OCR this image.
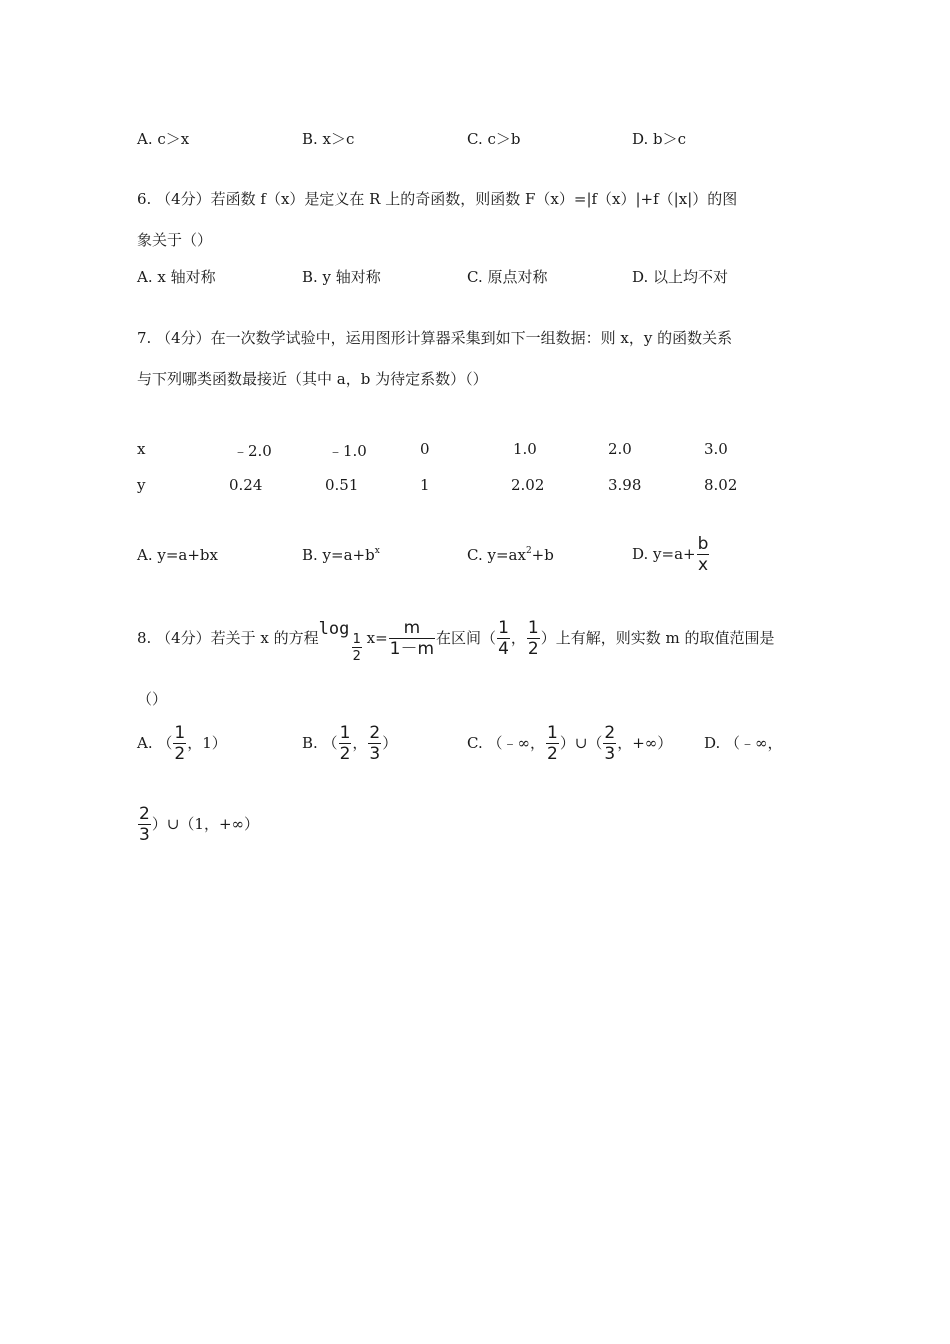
A. c＞x	B. x＞c	C. c＞b	D. b＞c
6. （4分）若函数 f（x）是定义在 R 上的奇函数，则函数 F（x）=|f（x）|+f（|x|）的图
象关于（）
A. x 轴对称	B. y 轴对称	C. 原点对称	D. 以上均不对
7. （4分）在一次数学试验中，运用图形计算器采集到如下一组数据：则 x，y 的函数关系
与下列哪类函数最接近（其中 a，b 为待定系数）（）
x	﹣2.0	﹣1.0	0	1.0	2.0	3.0
y	0.24	0.51	1	2.02	3.98	8.02
A. y=a+bx	B. $y=a+b^x$	C. $y=ax^2+b$	D. $y=a+ \frac{b}{x}$
8. （4分）若关于 x 的方程 log
$\frac{1}{2} x= \frac{m}{1-m}$ 在区间（ $\frac{1}{4}$ ， $\frac{1}{2}$ ）上有解，则实数 m 的取值范围是
（）
A. （ $\frac{1}{2}$ ，1）	B. （ $\frac{1}{2}$ ， $\frac{2}{3}$ ）	C. （﹣∞， $\frac{1}{2}$ ）∪（ $\frac{2}{3}$ ，+∞） D. （﹣∞，
$\frac{2}{3}$ ）∪（1，+∞）
